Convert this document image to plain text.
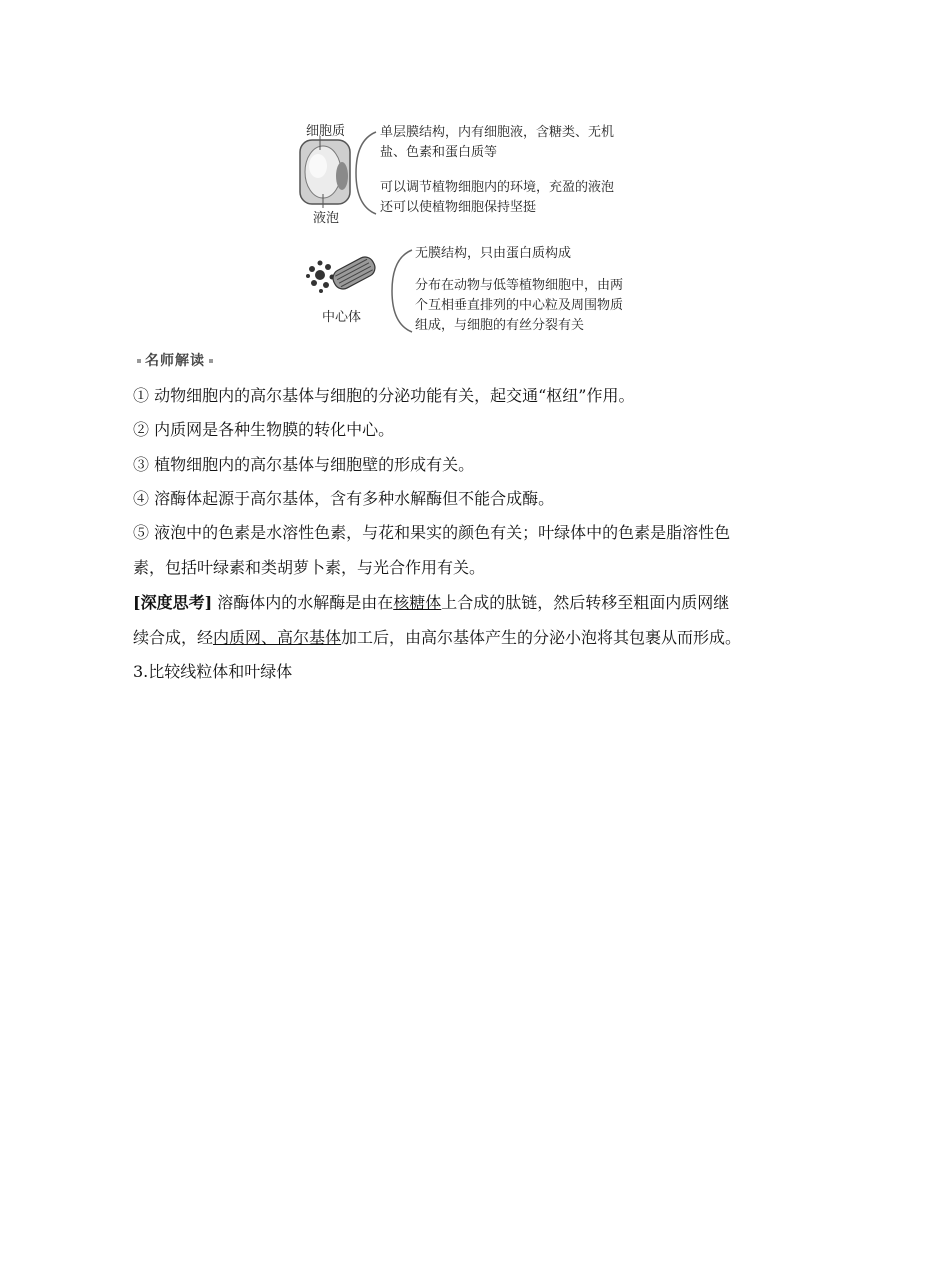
细胞质
液泡
单层膜结构，内有细胞液，含糖类、无机
盐、色素和蛋白质等
可以调节植物细胞内的环境，充盈的液泡
还可以使植物细胞保持坚挺
中心体
无膜结构，只由蛋白质构成
分布在动物与低等植物细胞中，由两
个互相垂直排列的中心粒及周围物质
组成，与细胞的有丝分裂有关
名师解读
① 动物细胞内的高尔基体与细胞的分泌功能有关，起交通“枢纽”作用。
② 内质网是各种生物膜的转化中心。
③ 植物细胞内的高尔基体与细胞壁的形成有关。
④ 溶酶体起源于高尔基体，含有多种水解酶但不能合成酶。
⑤ 液泡中的色素是水溶性色素，与花和果实的颜色有关；叶绿体中的色素是脂溶性色
素，包括叶绿素和类胡萝卜素，与光合作用有关。
[深度思考] 溶酶体内的水解酶是由在核糖体上合成的肽链，然后转移至粗面内质网继
续合成，经内质网、高尔基体加工后，由高尔基体产生的分泌小泡将其包裹从而形成。
3.比较线粒体和叶绿体
